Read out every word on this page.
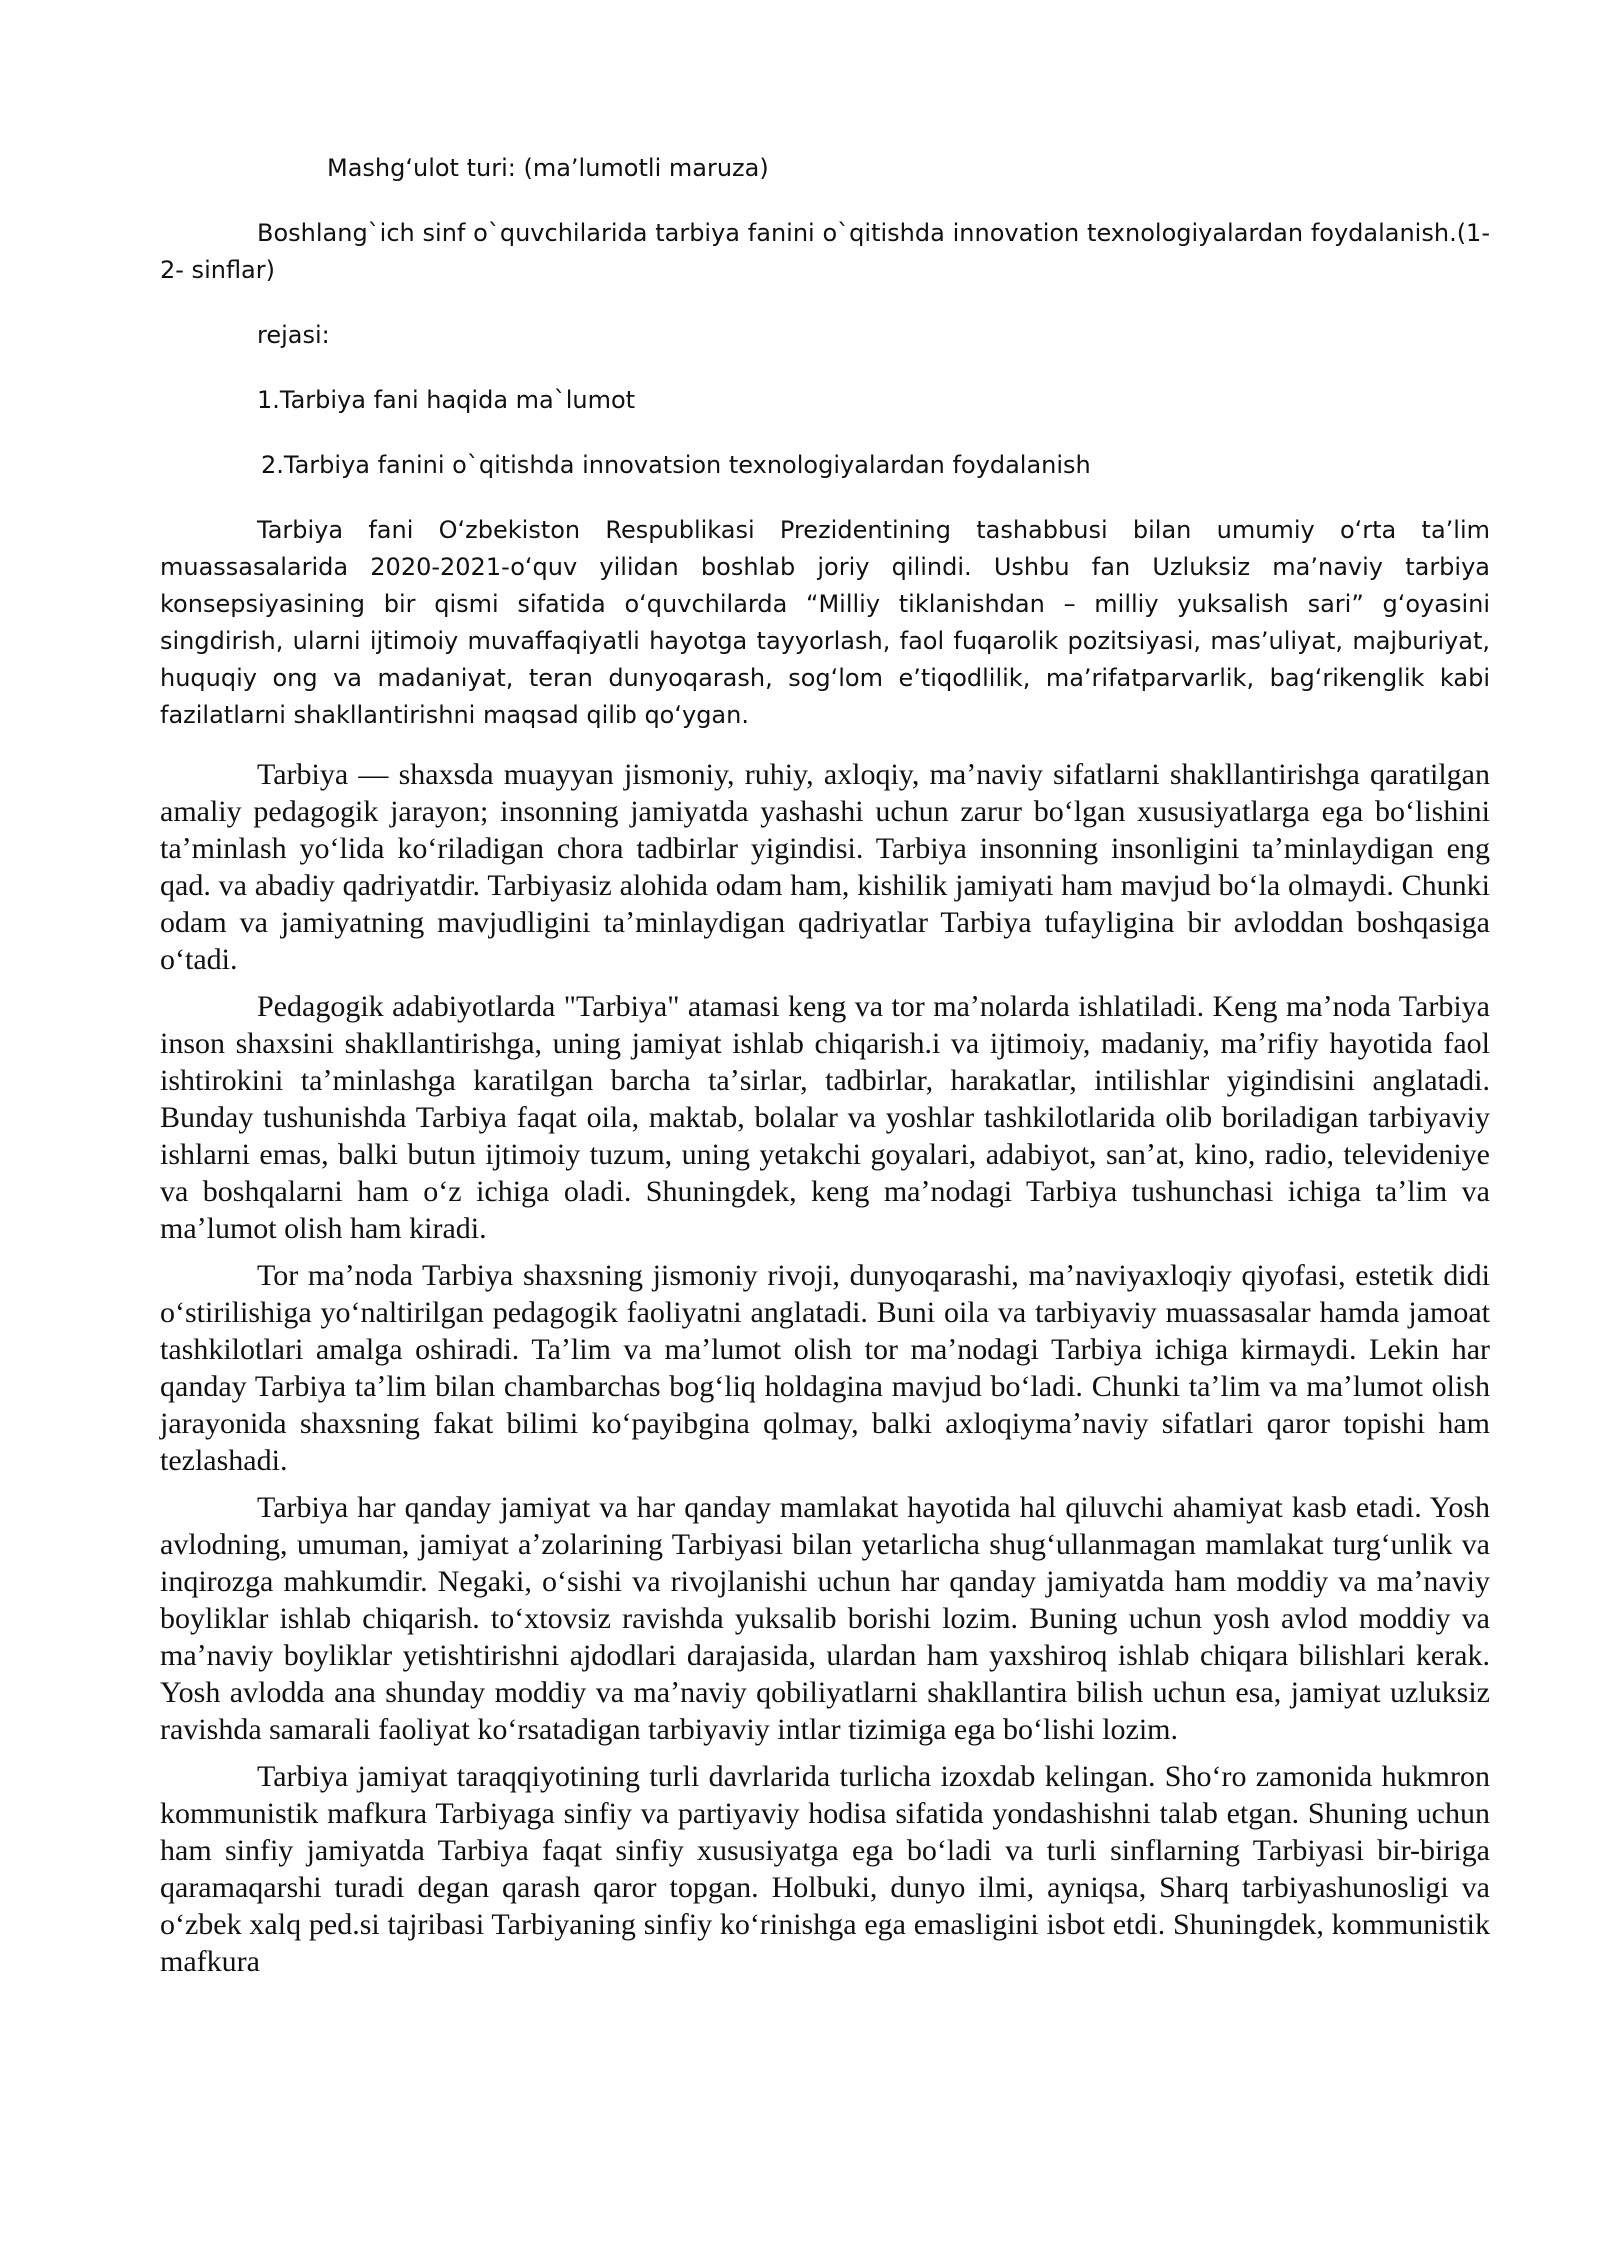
Mashgʻulot turi: (maʼlumotli maruza)

Boshlang`ich sinf o`quvchilarida tarbiya fanini o`qitishda innovation texnologiyalardan foydalanish.(1-2- sinflar)

rejasi:

1.Tarbiya fani haqida ma`lumot

2.Tarbiya fanini o`qitishda innovatsion texnologiyalardan foydalanish

Tarbiya fani Oʻzbekiston Respublikasi Prezidentining tashabbusi bilan umumiy oʻrta taʼlim muassasalarida 2020-2021-oʻquv yilidan boshlab joriy qilindi. Ushbu fan Uzluksiz maʼnaviy tarbiya konsepsiyasining bir qismi sifatida oʻquvchilarda “Milliy tiklanishdan – milliy yuksalish sari” gʻoyasini singdirish, ularni ijtimoiy muvaffaqiyatli hayotga tayyorlash, faol fuqarolik pozitsiyasi, masʼuliyat, majburiyat, huquqiy ong va madaniyat, teran dunyoqarash, sogʻlom eʼtiqodlilik, maʼrifatparvarlik, bagʻrikenglik kabi fazilatlarni shakllantirishni maqsad qilib qoʻygan.

Tarbiya — shaxsda muayyan jismoniy, ruhiy, axloqiy, maʼnaviy sifatlarni shakllantirishga qaratilgan amaliy pedagogik jarayon; insonning jamiyatda yashashi uchun zarur boʻlgan xususiyatlarga ega boʻlishini taʼminlash yoʻlida koʻriladigan chora tadbirlar yigindisi. Tarbiya insonning insonligini taʼminlaydigan eng qad. va abadiy qadriyatdir. Tarbiyasiz alohida odam ham, kishilik jamiyati ham mavjud boʻla olmaydi. Chunki odam va jamiyatning mavjudligini taʼminlaydigan qadriyatlar Tarbiya tufayligina bir avloddan boshqasiga oʻtadi.

Pedagogik adabiyotlarda "Tarbiya" atamasi keng va tor maʼnolarda ishlatiladi. Keng maʼnoda Tarbiya inson shaxsini shakllantirishga, uning jamiyat ishlab chiqarish.i va ijtimoiy, madaniy, maʼrifiy hayotida faol ishtirokini taʼminlashga karatilgan barcha taʼsirlar, tadbirlar, harakatlar, intilishlar yigindisini anglatadi. Bunday tushunishda Tarbiya faqat oila, maktab, bolalar va yoshlar tashkilotlarida olib boriladigan tarbiyaviy ishlarni emas, balki butun ijtimoiy tuzum, uning yetakchi goyalari, adabiyot, sanʼat, kino, radio, televideniye va boshqalarni ham oʻz ichiga oladi. Shuningdek, keng maʼnodagi Tarbiya tushunchasi ichiga taʼlim va maʼlumot olish ham kiradi.

Tor maʼnoda Tarbiya shaxsning jismoniy rivoji, dunyoqarashi, maʼnaviyaxloqiy qiyofasi, estetik didi oʻstirilishiga yoʻnaltirilgan pedagogik faoliyatni anglatadi. Buni oila va tarbiyaviy muassasalar hamda jamoat tashkilotlari amalga oshiradi. Taʼlim va maʼlumot olish tor maʼnodagi Tarbiya ichiga kirmaydi. Lekin har qanday Tarbiya taʼlim bilan chambarchas bogʻliq holdagina mavjud boʻladi. Chunki taʼlim va maʼlumot olish jarayonida shaxsning fakat bilimi koʻpayibgina qolmay, balki axloqiymaʼnaviy sifatlari qaror topishi ham tezlashadi.

Tarbiya har qanday jamiyat va har qanday mamlakat hayotida hal qiluvchi ahamiyat kasb etadi. Yosh avlodning, umuman, jamiyat aʼzolarining Tarbiyasi bilan yetarlicha shugʻullanmagan mamlakat turgʻunlik va inqirozga mahkumdir. Negaki, oʻsishi va rivojlanishi uchun har qanday jamiyatda ham moddiy va maʼnaviy boyliklar ishlab chiqarish. toʻxtovsiz ravishda yuksalib borishi lozim. Buning uchun yosh avlod moddiy va maʼnaviy boyliklar yetishtirishni ajdodlari darajasida, ulardan ham yaxshiroq ishlab chiqara bilishlari kerak. Yosh avlodda ana shunday moddiy va maʼnaviy qobiliyatlarni shakllantira bilish uchun esa, jamiyat uzluksiz ravishda samarali faoliyat koʻrsatadigan tarbiyaviy intlar tizimiga ega boʻlishi lozim.

Tarbiya jamiyat taraqqiyotining turli davrlarida turlicha izoxdab kelingan. Shoʻro zamonida hukmron kommunistik mafkura Tarbiyaga sinfiy va partiyaviy hodisa sifatida yondashishni talab etgan. Shuning uchun ham sinfiy jamiyatda Tarbiya faqat sinfiy xususiyatga ega boʻladi va turli sinflarning Tarbiyasi bir-biriga qaramaqarshi turadi degan qarash qaror topgan. Holbuki, dunyo ilmi, ayniqsa, Sharq tarbiyashunosligi va oʻzbek xalq ped.si tajribasi Tarbiyaning sinfiy koʻrinishga ega emasligini isbot etdi. Shuningdek, kommunistik mafkura
